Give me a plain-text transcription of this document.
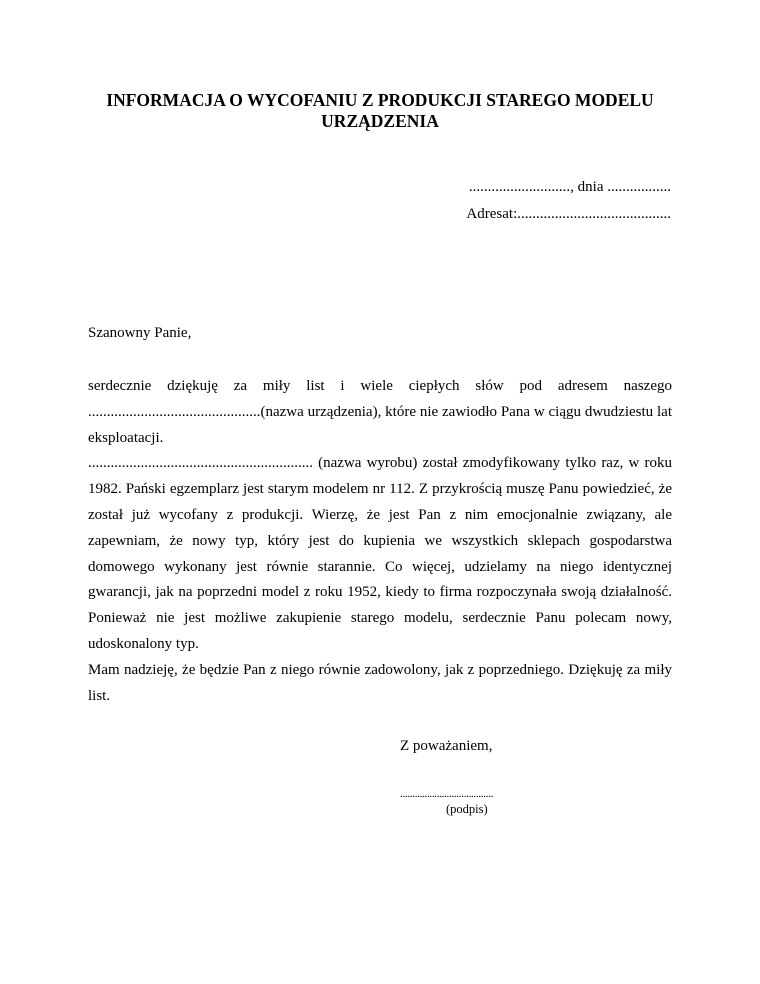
INFORMACJA O WYCOFANIU Z PRODUKCJI STAREGO MODELU
URZĄDZENIA
..........................., dnia .................
Adresat:.........................................
Szanowny Panie,

serdecznie dziękuję za miły list i wiele ciepłych słów pod adresem naszego ..............................................(nazwa urządzenia), które nie zawiodło Pana w ciągu dwudziestu lat eksploatacji.

............................................................ (nazwa wyrobu) został zmodyfikowany tylko raz, w roku 1982. Pański egzemplarz jest starym modelem nr 112. Z przykrością muszę Panu powiedzieć, że został już wycofany z produkcji. Wierzę, że jest Pan z nim emocjonalnie związany, ale zapewniam, że nowy typ, który jest do kupienia we wszystkich sklepach gospodarstwa domowego wykonany jest równie starannie. Co więcej, udzielamy na niego identycznej gwarancji, jak na poprzedni model z roku 1952, kiedy to firma rozpoczynała swoją działalność. Ponieważ nie jest możliwe zakupienie starego modelu, serdecznie Panu polecam nowy, udoskonalony typ.

Mam nadzieję, że będzie Pan z niego równie zadowolony, jak z poprzedniego. Dziękuję za miły list.

Z poważaniem,
......................................
(podpis)
